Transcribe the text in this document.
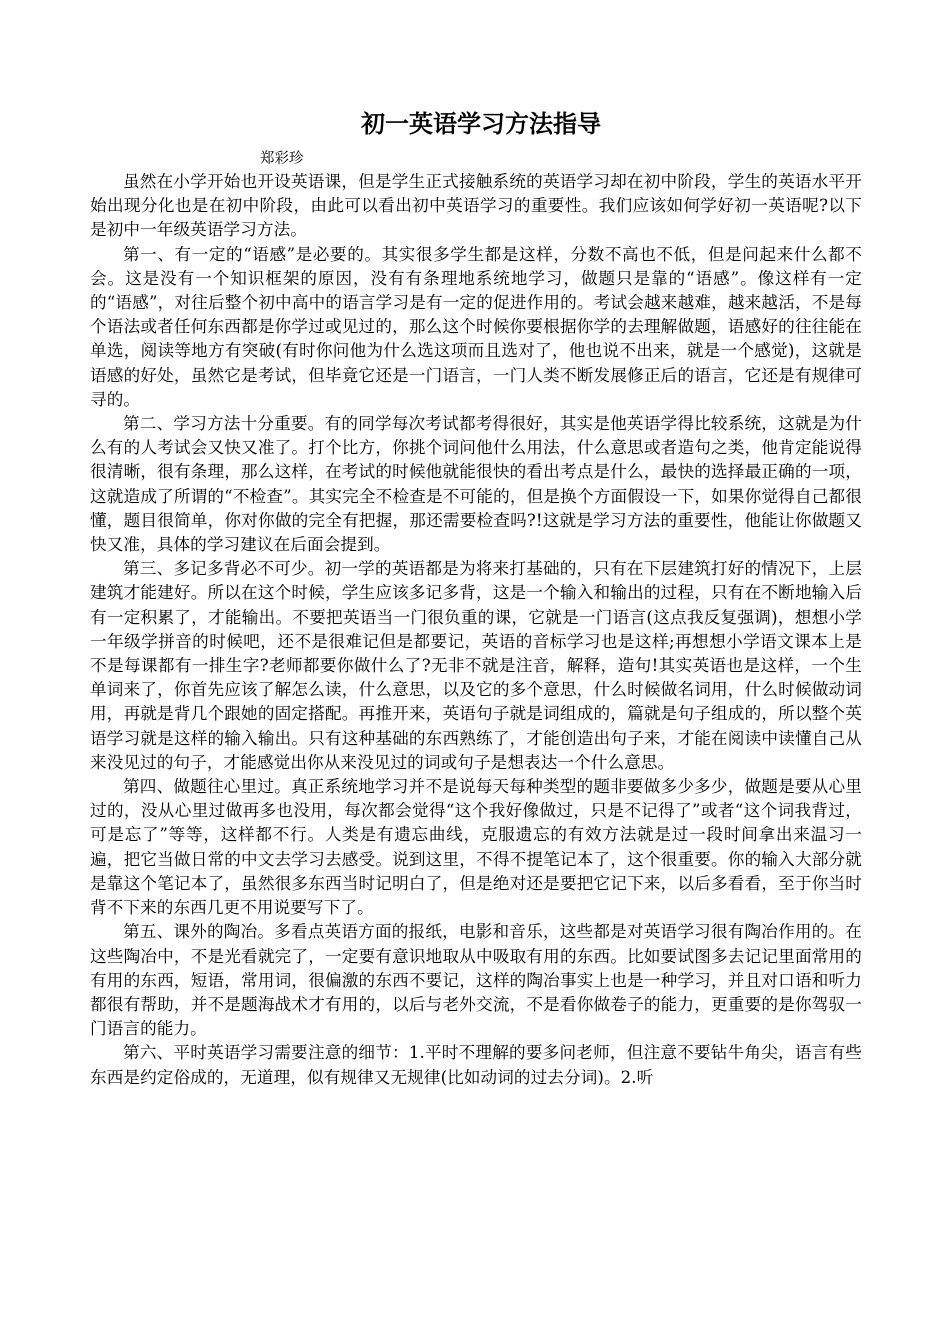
初一英语学习方法指导
郑彩珍

虽然在小学开始也开设英语课，但是学生正式接触系统的英语学习却在初中阶段，学生的英语水平开始出现分化也是在初中阶段，由此可以看出初中英语学习的重要性。我们应该如何学好初一英语呢?以下是初中一年级英语学习方法。

第一、有一定的“语感”是必要的。其实很多学生都是这样，分数不高也不低，但是问起来什么都不会。这是没有一个知识框架的原因，没有有条理地系统地学习，做题只是靠的“语感”。像这样有一定的“语感”，对往后整个初中高中的语言学习是有一定的促进作用的。考试会越来越难，越来越活，不是每个语法或者任何东西都是你学过或见过的，那么这个时候你要根据你学的去理解做题，语感好的往往能在单选，阅读等地方有突破(有时你问他为什么选这项而且选对了，他也说不出来，就是一个感觉)，这就是语感的好处，虽然它是考试，但毕竟它还是一门语言，一门人类不断发展修正后的语言，它还是有规律可寻的。

第二、学习方法十分重要。有的同学每次考试都考得很好，其实是他英语学得比较系统，这就是为什么有的人考试会又快又准了。打个比方，你挑个词问他什么用法，什么意思或者造句之类，他肯定能说得很清晰，很有条理，那么这样，在考试的时候他就能很快的看出考点是什么，最快的选择最正确的一项，这就造成了所谓的“不检查”。其实完全不检查是不可能的，但是换个方面假设一下，如果你觉得自己都很懂，题目很简单，你对你做的完全有把握，那还需要检查吗?!这就是学习方法的重要性，他能让你做题又快又准，具体的学习建议在后面会提到。

第三、多记多背必不可少。初一学的英语都是为将来打基础的，只有在下层建筑打好的情况下，上层建筑才能建好。所以在这个时候，学生应该多记多背，这是一个输入和输出的过程，只有在不断地输入后有一定积累了，才能输出。不要把英语当一门很负重的课，它就是一门语言(这点我反复强调)，想想小学一年级学拼音的时候吧，还不是很难记但是都要记，英语的音标学习也是这样;再想想小学语文课本上是不是每课都有一排生字?老师都要你做什么了?无非不就是注音，解释，造句!其实英语也是这样，一个生单词来了，你首先应该了解怎么读，什么意思，以及它的多个意思，什么时候做名词用，什么时候做动词用，再就是背几个跟她的固定搭配。再推开来，英语句子就是词组成的，篇就是句子组成的，所以整个英语学习就是这样的输入输出。只有这种基础的东西熟练了，才能创造出句子来，才能在阅读中读懂自己从来没见过的句子，才能感觉出你从来没见过的词或句子是想表达一个什么意思。

第四、做题往心里过。真正系统地学习并不是说每天每种类型的题非要做多少多少，做题是要从心里过的，没从心里过做再多也没用，每次都会觉得“这个我好像做过，只是不记得了”或者“这个词我背过，可是忘了”等等，这样都不行。人类是有遗忘曲线，克服遗忘的有效方法就是过一段时间拿出来温习一遍，把它当做日常的中文去学习去感受。说到这里，不得不提笔记本了，这个很重要。你的输入大部分就是靠这个笔记本了，虽然很多东西当时记明白了，但是绝对还是要把它记下来，以后多看看，至于你当时背不下来的东西几更不用说要写下了。

第五、课外的陶冶。多看点英语方面的报纸，电影和音乐，这些都是对英语学习很有陶冶作用的。在这些陶冶中，不是光看就完了，一定要有意识地取从中吸取有用的东西。比如要试图多去记记里面常用的有用的东西，短语，常用词，很偏激的东西不要记，这样的陶冶事实上也是一种学习，并且对口语和听力都很有帮助，并不是题海战术才有用的，以后与老外交流，不是看你做卷子的能力，更重要的是你驾驭一门语言的能力。

第六、平时英语学习需要注意的细节：1.平时不理解的要多问老师，但注意不要钻牛角尖，语言有些东西是约定俗成的，无道理，似有规律又无规律(比如动词的过去分词)。2.听
